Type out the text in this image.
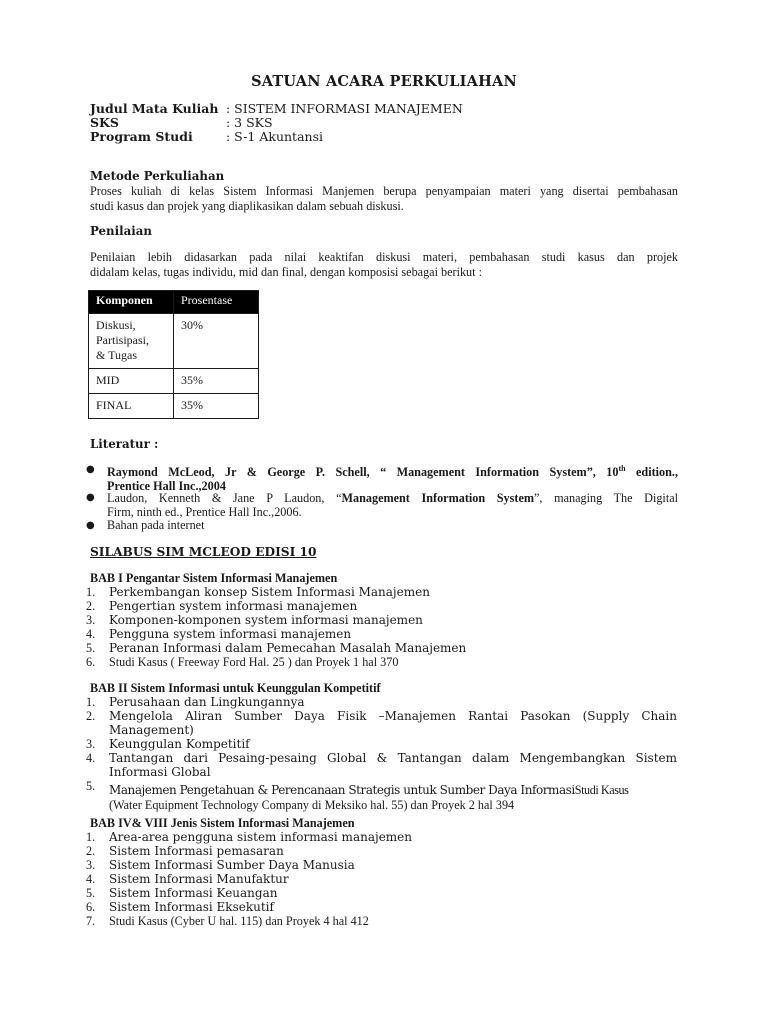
SATUAN ACARA PERKULIAHAN
Judul Mata Kuliah : SISTEM INFORMASI MANAJEMEN
SKS	: 3 SKS
Program Studi	: S-1 Akuntansi
Metode Perkuliahan
Proses kuliah di kelas Sistem Informasi Manjemen berupa penyampaian materi yang disertai pembahasan
studi kasus dan projek yang diaplikasikan dalam sebuah diskusi.
Penilaian
Penilaian lebih didasarkan pada nilai keaktifan diskusi materi, pembahasan studi kasus dan projek
didalam kelas, tugas individu, mid dan final, dengan komposisi sebagai berikut :
Komponen	Prosentase

Diskusi,
Partisipasi,
& Tugas	30%
MID	35%
FINAL	35%
Literatur :
● Raymond McLeod, Jr & George P. Schell, “ Management Information System”, 10th edition.,
Prentice Hall Inc.,2004
● Laudon, Kenneth & Jane P Laudon, “Management Information System”, managing The Digital
Firm, ninth ed., Prentice Hall Inc.,2006.
● Bahan pada internet
SILABUS SIM MCLEOD EDISI 10
BAB I Pengantar Sistem Informasi Manajemen
1. Perkembangan konsep Sistem Informasi Manajemen
2. Pengertian system informasi manajemen
3. Komponen-komponen system informasi manajemen
4. Pengguna system informasi manajemen
5. Peranan Informasi dalam Pemecahan Masalah Manajemen
6. Studi Kasus ( Freeway Ford Hal. 25 ) dan Proyek 1 hal 370
BAB II Sistem Informasi untuk Keunggulan Kompetitif
1. Perusahaan dan Lingkungannya
2. Mengelola Aliran Sumber Daya Fisik –Manajemen Rantai Pasokan (Supply Chain
Management)
3. Keunggulan Kompetitif
4. Tantangan dari Pesaing-pesaing Global & Tantangan dalam Mengembangkan Sistem
Informasi Global
5. Manajemen Pengetahuan & Perencanaan Strategis untuk Sumber Daya InformasiStudi Kasus
(Water Equipment Technology Company di Meksiko hal. 55) dan Proyek 2 hal 394
BAB IV& VIII Jenis Sistem Informasi Manajemen
1. Area-area pengguna sistem informasi manajemen
2. Sistem Informasi pemasaran
3. Sistem Informasi Sumber Daya Manusia
4. Sistem Informasi Manufaktur
5. Sistem Informasi Keuangan
6. Sistem Informasi Eksekutif
7. Studi Kasus (Cyber U hal. 115) dan Proyek 4 hal 412
